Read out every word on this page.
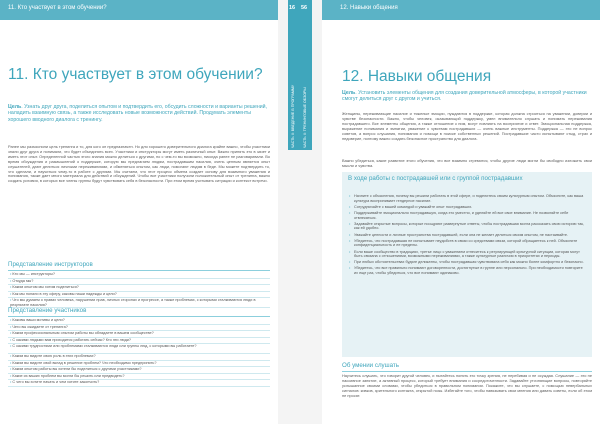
11. Кто участвует в этом обучении?
11. Кто участвует в этом обучении?
Цель. Узнать друг друга, поделиться опытом и подтвердить его, обсудить сложности и варианты решений, наладить взаимную связь, а также исследовать новые возможности действий. Продумать элементы хорошего вводного диалога с тренингу.
Ранее мы разъяснили цель тренинга и то, для кого он предназначен. Но для хорошего доверительного диалога крайне важно, чтобы участники знали друг друга и понимали, что будет объединять всех. Участники и инструкторы могут иметь различный опыт. Важно принять это в зачет и иметь этот опыт. Определенной частью этого знания можно делиться с другими, но с чем-то вы возможно, никогда ранее не разговаривали. Во время обсуждения и размышлений о поддержке, которую мы предлагаем людям, пострадавшим насилия, очень ценным является опыт слушателей, дают делиться личными переживаниями, и обменяться опытом, как люди, помогают людям в беде. Мы можете подтвердить то, что сделали, и научиться чему-то в работе с другими. Мы считаем, что этот процесс обмена создает основу для взаимного уважения и понимания, также дает много материала для действий и обсуждений. Чтобы все участники получили положительный опыт от тренинга, важно создать условия, в которых все члены группы будут чувствовать себя в безопасности. При этом время учитывать ситуации и контекст встречи.
Представление инструкторов
• Кто мы — инструкторы?
• Откуда мы?
• Каким опытом мы хотим поделиться?
• Как мы попали в эту сферу, каковы наши надежды и цели?
• Что мы думаем о правах человека, нарушении прав, личных сторонах и прогрессе, а также проблемах, с которыми сталкиваются люди в результате насилия?
Представление участников
• Каковы ваши мотивы и цели?
• Чего вы ожидаете от тренинга?
• Каким профессиональным опытом работы вы обладаете в вашем сообществе?
• С какими людьми вам приходится работать сейчас? Кто эти люди?
• С какими трудностями или проблемами сталкиваются люди или группы люд, с которыми вы работаете?
• Каким вы видите свою роль в этих проблемах?
• Каким вы видите свой вклад в решение проблем? Что необходимо предпринять?
• Каким опытом работы вы хотели бы поделиться с другими участниками?
• Какие из ваших проблем вы могли бы решить или предвидеть?
• С чего вы хотите начать и чем хотите закончить?
16 56
ЧАСТЬ II: ВВЕДЕНИЕ В ПРОГРАММУ ЧАСТЬ II: ТРЕНИНГОВЫЕ ОБЗОРЫ
12. Навыки общения
12. Навыки общения
Цель. Установить элементы общения для создания доверительной атмосферы, в которой участники смогут делиться друг с другом и учиться.
Женщины, переживающие насилие и тяжелые эмоции, нуждаются в поддержке, которая должна строиться на уважении, доверии и чувстве безопасности. Важно, чтобы человек, оказывающий поддержку, умел внимательно слушать и понимать переживания пострадавшего. Все элементы общения, а также отношение к ним, могут повлиять на восприятие и ответ. Эмоциональная поддержка, выражение понимания и эмпатии, уважение к чувствам пострадавших — очень важные инструменты. Поддержка — это не вопрос советов, а вопрос слушания, понимания и помощи в поиске собственных решений. Пострадавшие часто испытывают стыд, страх и недоверие, поэтому важно создать безопасное пространство для диалога.
Важно убедиться, какие развитие этого обучения, что все взаимно стремятся, чтобы другие люди могли бы свободно изложить свои мысли и чувства.
В ходе работы с пострадавшей или с группой пострадавших
• Начните с объяснения, почему вы решили работать в этой сфере, и поделитесь своим культурным опытом. Объясните, как ваша культура воспринимает гендерное насилие.
• Сотрудничайте с вашей командой и уважайте опыт пострадавших.
• Поддерживайте эмоционально пострадавшую, когда это уместно, и уделяйте ей все свое внимание. Не позволяйте себе отвлекаться.
• Задавайте открытые вопросы, которые поощряют развернутые ответы, чтобы пострадавшая могла рассказать свою историю так, как ей удобно.
• Уважайте ценности и личные пространства пострадавшей, если она не желает делиться своим опытом, не настаивайте.
• Убедитесь, что пострадавшая не испытывает неудобств в связи со средствами связи, которой обращаетесь к ней. Объясните конфиденциальность и ее пределы.
• Если ваше сообщество в традициях, третье лицо с уважением отнеситесь к регулирующей культурной ситуации, которая могут быть связана с отношениями, возможными переживаниями, а также культурные различия в приоритетах и периоды.
• При любых обстоятельствах будьте деликатны, чтобы пострадавшая чувствовала себя как можно более комфортно и безопасно.
• Убедитесь, что все правильно понимают договоренности, достигнутые в группе или персонально. При необходимости повторите их еще раз, чтобы убедиться, что все понимают одинаково.
Об умении слушать
Научитесь слушать, что говорит другой человек, и пытайтесь понять его точку зрения, не перебивая и не осуждая. Слушание — это не пассивное занятие, а активный процесс, который требует внимания и сосредоточенности. Задавайте уточняющие вопросы, повторяйте услышанное своими словами, чтобы убедиться в правильном понимании. Покажите, что вы слушаете, с помощью невербальных сигналов: кивков, зрительного контакта, открытой позы. Избегайте того, чтобы навязывать свои мнения или давать советы, если об этом не просят.
